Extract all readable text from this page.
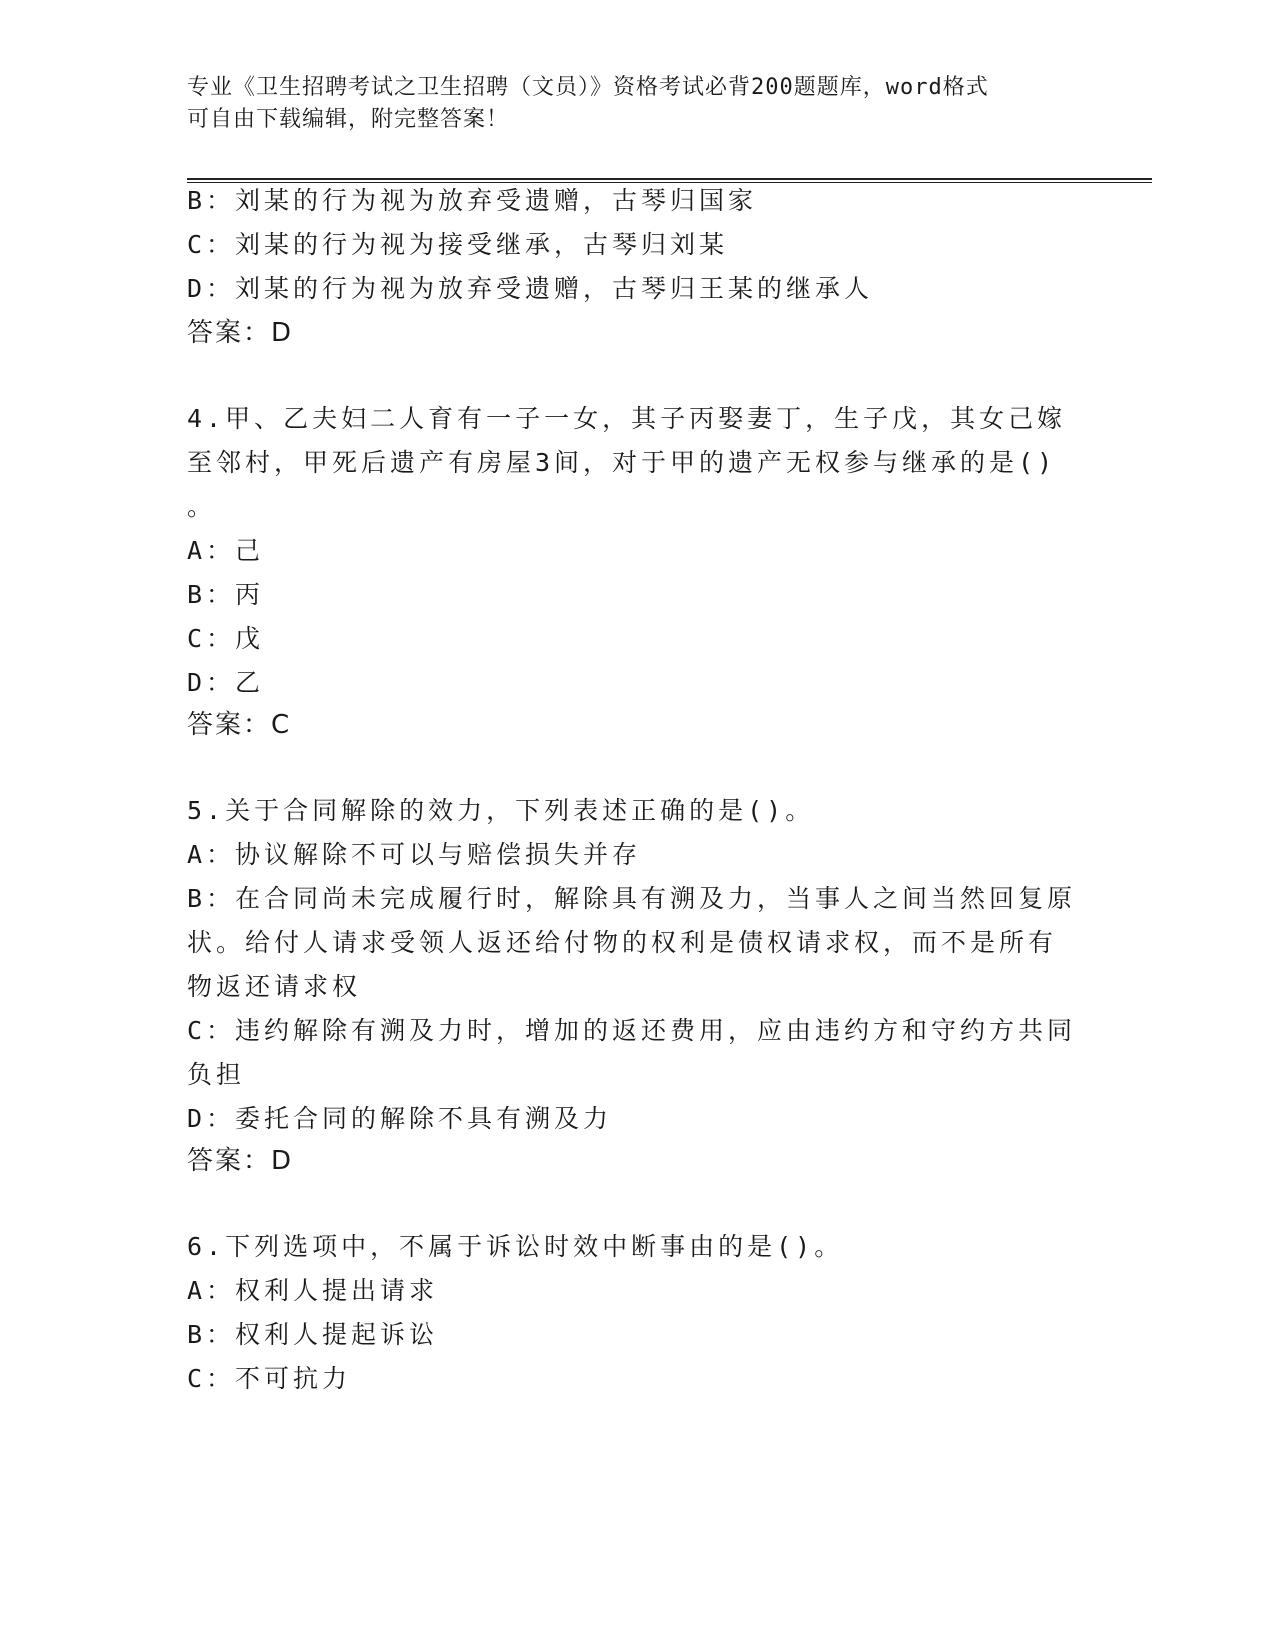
专业《卫生招聘考试之卫生招聘（文员）》资格考试必背200题题库，word格式
可自由下载编辑，附完整答案！
B：刘某的行为视为放弃受遗赠，古琴归国家
C：刘某的行为视为接受继承，古琴归刘某
D：刘某的行为视为放弃受遗赠，古琴归王某的继承人
答案：D
4.甲、乙夫妇二人育有一子一女，其子丙娶妻丁，生子戊，其女己嫁
至邻村，甲死后遗产有房屋3间，对于甲的遗产无权参与继承的是()
。
A：己
B：丙
C：戊
D：乙
答案：C
5.关于合同解除的效力，下列表述正确的是()。
A：协议解除不可以与赔偿损失并存
B：在合同尚未完成履行时，解除具有溯及力，当事人之间当然回复原
状。给付人请求受领人返还给付物的权利是债权请求权，而不是所有
物返还请求权
C：违约解除有溯及力时，增加的返还费用，应由违约方和守约方共同
负担
D：委托合同的解除不具有溯及力
答案：D
6.下列选项中，不属于诉讼时效中断事由的是()。
A：权利人提出请求
B：权利人提起诉讼
C：不可抗力
